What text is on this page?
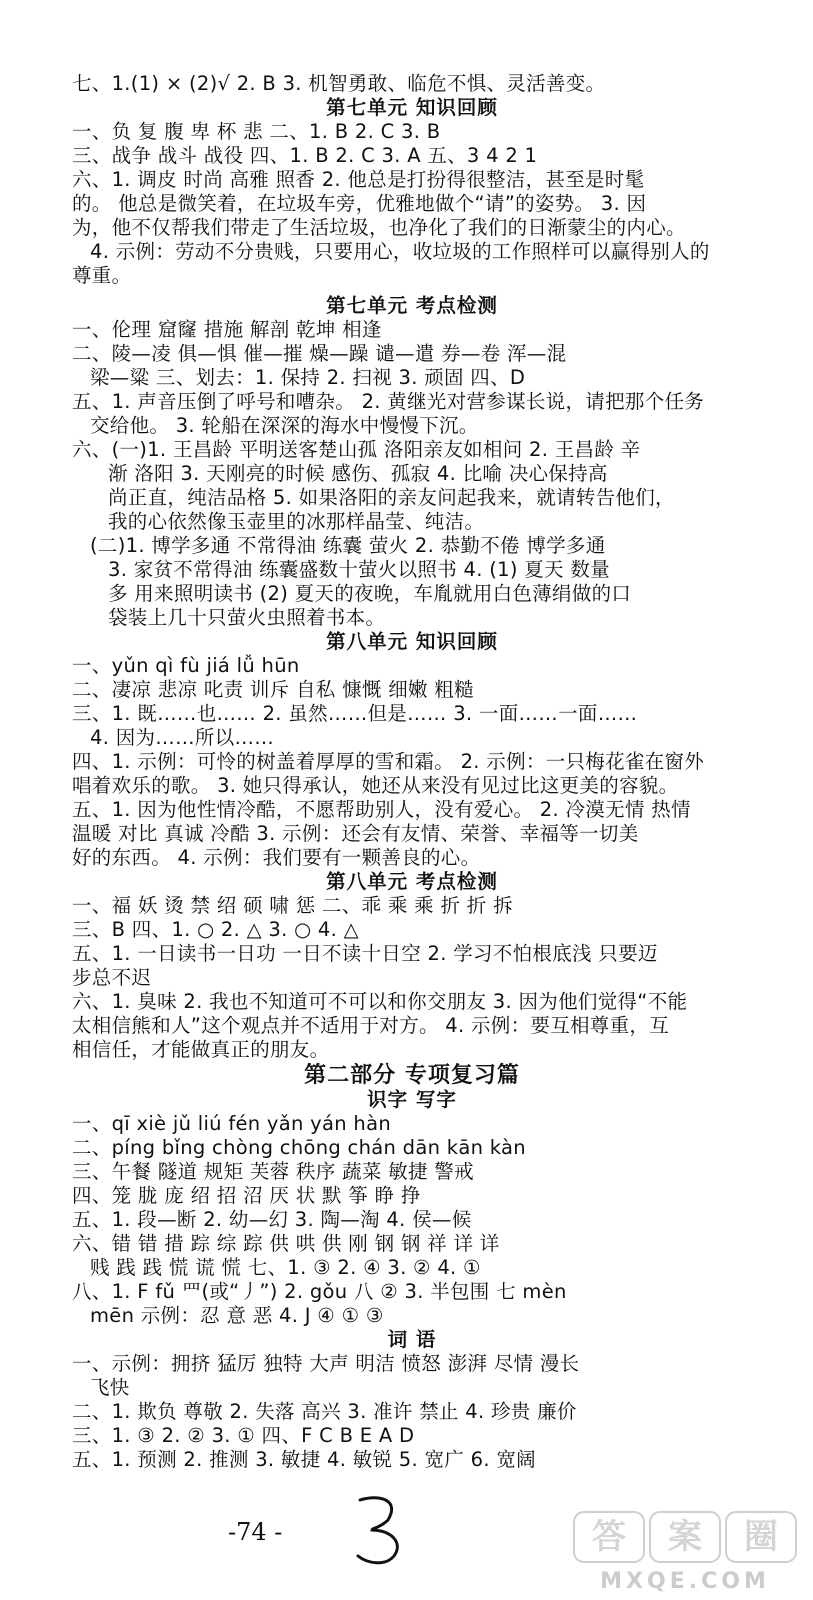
七、1.(1) × (2)√ 2. B 3. 机智勇敢、临危不惧、灵活善变。
第七单元 知识回顾
一、负 复 腹 卑 杯 悲 二、1. B 2. C 3. B
三、战争 战斗 战役 四、1. B 2. C 3. A 五、3 4 2 1
六、1. 调皮 时尚 高雅 照香 2. 他总是打扮得很整洁，甚至是时髦
的。 他总是微笑着，在垃圾车旁，优雅地做个“请”的姿势。 3. 因
为，他不仅帮我们带走了生活垃圾，也净化了我们的日渐蒙尘的内心。
4. 示例：劳动不分贵贱，只要用心，收垃圾的工作照样可以赢得别人的
尊重。
第七单元 考点检测
一、伦理 窟窿 措施 解剖 乾坤 相逢
二、陵—凌 俱—惧 催—摧 燥—躁 谴—遣 券—卷 浑—混
梁—粱 三、划去：1. 保持 2. 扫视 3. 顽固 四、D
五、1. 声音压倒了呼号和嘈杂。 2. 黄继光对营参谋长说，请把那个任务
交给他。 3. 轮船在深深的海水中慢慢下沉。
六、(一)1. 王昌龄 平明送客楚山孤 洛阳亲友如相问 2. 王昌龄 辛
渐 洛阳 3. 天刚亮的时候 感伤、孤寂 4. 比喻 决心保持高
尚正直，纯洁品格 5. 如果洛阳的亲友问起我来，就请转告他们，
我的心依然像玉壶里的冰那样晶莹、纯洁。
(二)1. 博学多通 不常得油 练囊 萤火 2. 恭勤不倦 博学多通
3. 家贫不常得油 练囊盛数十萤火以照书 4. (1) 夏天 数量
多 用来照明读书 (2) 夏天的夜晚，车胤就用白色薄绢做的口
袋装上几十只萤火虫照着书本。
第八单元 知识回顾
一、yǔn qì fù jiá lǚ hūn
二、凄凉 悲凉 叱责 训斥 自私 慷慨 细嫩 粗糙
三、1. 既……也…… 2. 虽然……但是…… 3. 一面……一面……
4. 因为……所以……
四、1. 示例：可怜的树盖着厚厚的雪和霜。 2. 示例：一只梅花雀在窗外
唱着欢乐的歌。 3. 她只得承认，她还从来没有见过比这更美的容貌。
五、1. 因为他性情冷酷，不愿帮助别人，没有爱心。 2. 冷漠无情 热情
温暖 对比 真诚 冷酷 3. 示例：还会有友情、荣誉、幸福等一切美
好的东西。 4. 示例：我们要有一颗善良的心。
第八单元 考点检测
一、福 妖 烫 禁 绍 硕 啸 惩 二、乖 乘 乘 折 折 拆
三、B 四、1. ○ 2. △ 3. ○ 4. △
五、1. 一日读书一日功 一日不读十日空 2. 学习不怕根底浅 只要迈
步总不迟
六、1. 臭味 2. 我也不知道可不可以和你交朋友 3. 因为他们觉得“不能
太相信熊和人”这个观点并不适用于对方。 4. 示例：要互相尊重，互
相信任，才能做真正的朋友。
第二部分 专项复习篇
识字 写字
一、qī xiè jǔ liú fén yǎn yán hàn
二、píng bǐng chòng chōng chán dān kān kàn
三、午餐 隧道 规矩 芙蓉 秩序 蔬菜 敏捷 警戒
四、笼 胧 庞 绍 招 沼 厌 状 默 筝 睁 挣
五、1. 段—断 2. 幼—幻 3. 陶—淘 4. 侯—候
六、错 错 措 踪 综 踪 供 哄 供 刚 钢 钢 祥 详 详
贱 践 践 慌 谎 慌 七、1. ③ 2. ④ 3. ② 4. ①
八、1. F fǔ 罒(或“丿”) 2. gǒu 八 ② 3. 半包围 七 mèn
mēn 示例：忍 意 恶 4. J ④ ① ③
词 语
一、示例：拥挤 猛厉 独特 大声 明洁 愤怒 澎湃 尽情 漫长
飞快
二、1. 欺负 尊敬 2. 失落 高兴 3. 准许 禁止 4. 珍贵 廉价
三、1. ③ 2. ② 3. ① 四、F C B E A D
五、1. 预测 2. 推测 3. 敏捷 4. 敏锐 5. 宽广 6. 宽阔
-74 -	答 案 圈
MXQE.COM
